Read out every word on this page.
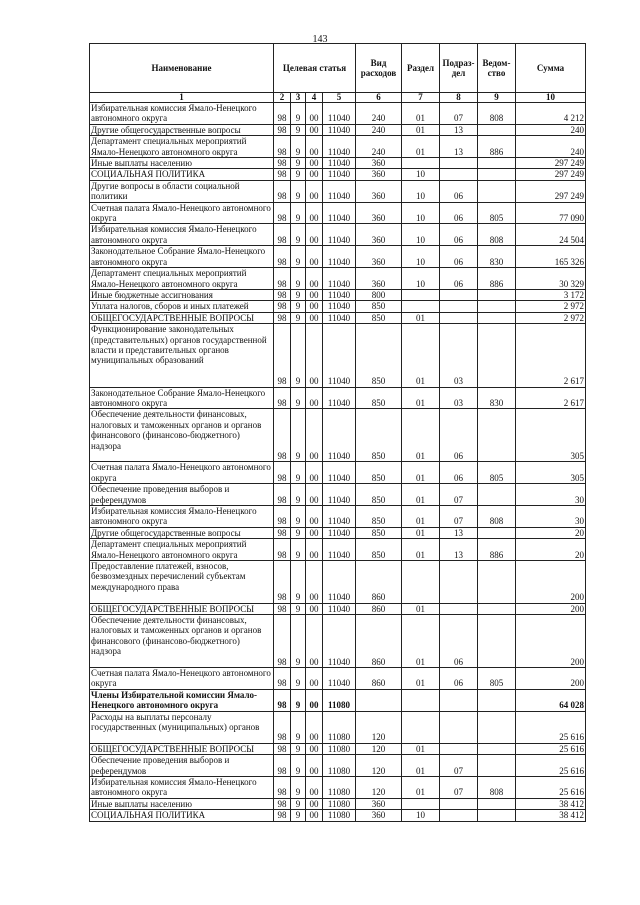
143
Наименование	Целевая статья				Вид расходов	Раздел	Подраз-дел	Ведом-ство	Сумма
1	2	3	4	5	6	7	8	9	10
Избирательная комиссия Ямало-Ненецкого автономного округа	98	9	00	11040	240	01	07	808	4 212
Другие общегосударственные вопросы	98	9	00	11040	240	01	13		240
Департамент специальных мероприятий Ямало-Ненецкого автономного округа	98	9	00	11040	240	01	13	886	240
Иные выплаты населению	98	9	00	11040	360				297 249
СОЦИАЛЬНАЯ ПОЛИТИКА	98	9	00	11040	360	10			297 249
Другие вопросы в области социальной политики	98	9	00	11040	360	10	06		297 249
Счетная палата Ямало-Ненецкого автономного округа	98	9	00	11040	360	10	06	805	77 090
Избирательная комиссия Ямало-Ненецкого автономного округа	98	9	00	11040	360	10	06	808	24 504
Законодательное Собрание Ямало-Ненецкого автономного округа	98	9	00	11040	360	10	06	830	165 326
Департамент специальных мероприятий Ямало-Ненецкого автономного округа	98	9	00	11040	360	10	06	886	30 329
Иные бюджетные ассигнования	98	9	00	11040	800				3 172
Уплата налогов, сборов и иных платежей	98	9	00	11040	850				2 972
ОБЩЕГОСУДАРСТВЕННЫЕ ВОПРОСЫ	98	9	00	11040	850	01			2 972
Функционирование законодательных (представительных) органов государственной власти и представительных органов муниципальных образований	98	9	00	11040	850	01	03		2 617
Законодательное Собрание Ямало-Ненецкого автономного округа	98	9	00	11040	850	01	03	830	2 617
Обеспечение деятельности финансовых, налоговых и таможенных органов и органов финансового (финансово-бюджетного) надзора	98	9	00	11040	850	01	06		305
Счетная палата Ямало-Ненецкого автономного округа	98	9	00	11040	850	01	06	805	305
Обеспечение проведения выборов и референдумов	98	9	00	11040	850	01	07		30
Избирательная комиссия Ямало-Ненецкого автономного округа	98	9	00	11040	850	01	07	808	30
Другие общегосударственные вопросы	98	9	00	11040	850	01	13		20
Департамент специальных мероприятий Ямало-Ненецкого автономного округа	98	9	00	11040	850	01	13	886	20
Предоставление платежей, взносов, безвозмездных перечислений субъектам международного права	98	9	00	11040	860				200
ОБЩЕГОСУДАРСТВЕННЫЕ ВОПРОСЫ	98	9	00	11040	860	01			200
Обеспечение деятельности финансовых, налоговых и таможенных органов и органов финансового (финансово-бюджетного) надзора	98	9	00	11040	860	01	06		200
Счетная палата Ямало-Ненецкого автономного округа	98	9	00	11040	860	01	06	805	200
Члены Избирательной комиссии Ямало-Ненецкого автономного округа	98	9	00	11080					64 028
Расходы на выплаты персоналу государственных (муниципальных) органов	98	9	00	11080	120				25 616
ОБЩЕГОСУДАРСТВЕННЫЕ ВОПРОСЫ	98	9	00	11080	120	01			25 616
Обеспечение проведения выборов и референдумов	98	9	00	11080	120	01	07		25 616
Избирательная комиссия Ямало-Ненецкого автономного округа	98	9	00	11080	120	01	07	808	25 616
Иные выплаты населению	98	9	00	11080	360				38 412
СОЦИАЛЬНАЯ ПОЛИТИКА	98	9	00	11080	360	10			38 412
